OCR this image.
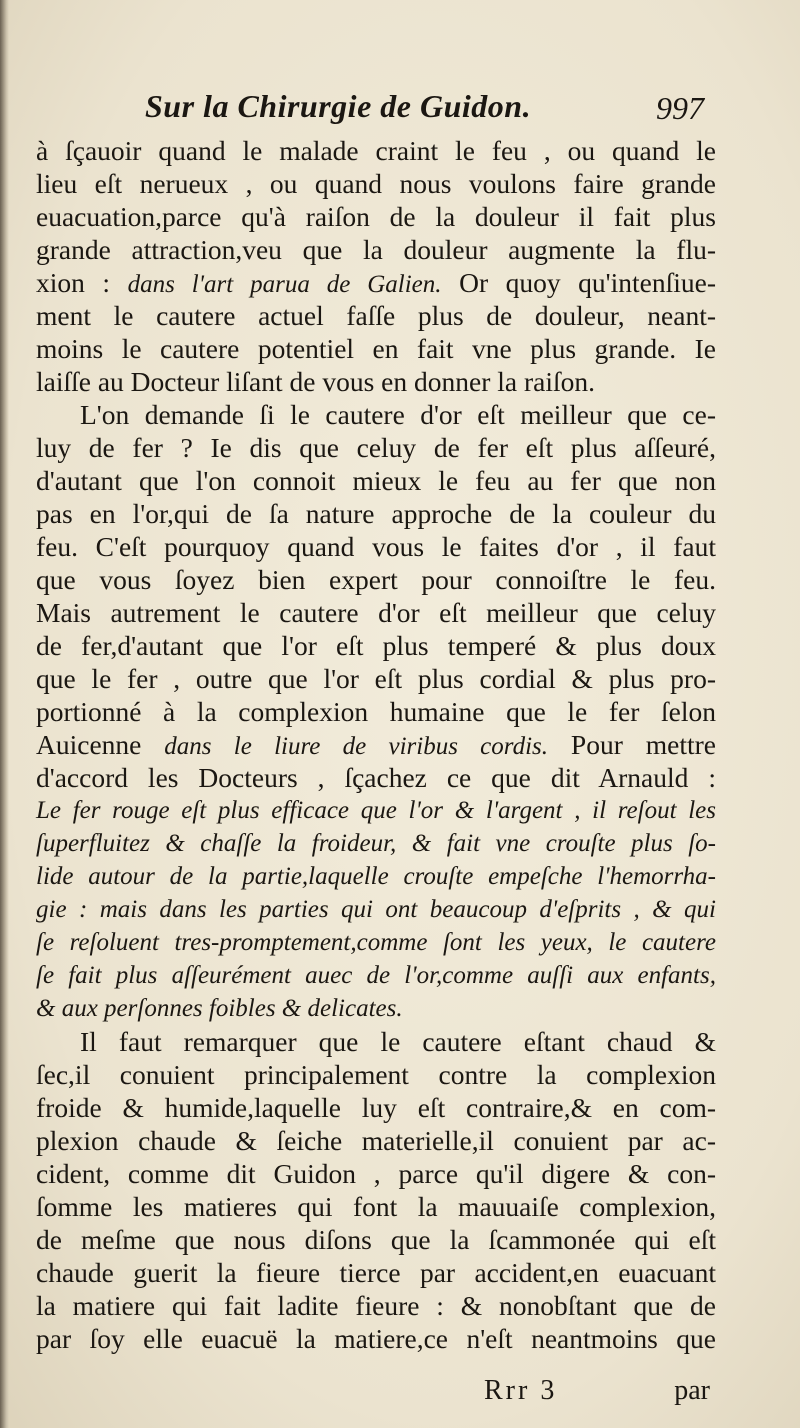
Sur la Chirurgie de Guidon.	997
à ſçauoir quand le malade craint le feu , ou quand le
lieu eſt nerueux , ou quand nous voulons faire grande
euacuation,parce qu'à raiſon de la douleur il fait plus
grande attraction,veu que la douleur augmente la flu-
xion : dans l'art parua de Galien. Or quoy qu'intenſiue-
ment le cautere actuel faſſe plus de douleur, neant-
moins le cautere potentiel en fait vne plus grande. Ie
laiſſe au Docteur liſant de vous en donner la raiſon.
L'on demande ſi le cautere d'or eſt meilleur que ce-
luy de fer ? Ie dis que celuy de fer eſt plus aſſeuré,
d'autant que l'on connoit mieux le feu au fer que non
pas en l'or,qui de ſa nature approche de la couleur du
feu. C'eſt pourquoy quand vous le faites d'or , il faut
que vous ſoyez bien expert pour connoiſtre le feu.
Mais autrement le cautere d'or eſt meilleur que celuy
de fer,d'autant que l'or eſt plus temperé & plus doux
que le fer , outre que l'or eſt plus cordial & plus pro-
portionné à la complexion humaine que le fer ſelon
Auicenne dans le liure de viribus cordis. Pour mettre
d'accord les Docteurs , ſçachez ce que dit Arnauld :
Le fer rouge eſt plus efficace que l'or & l'argent , il reſout les
ſuperfluitez & chaſſe la froideur, & fait vne crouſte plus ſo-
lide autour de la partie,laquelle crouſte empeſche l'hemorrha-
gie : mais dans les parties qui ont beaucoup d'eſprits , & qui
ſe reſoluent tres-promptement,comme ſont les yeux, le cautere
ſe fait plus aſſeurément auec de l'or,comme auſſi aux enfants,
& aux perſonnes foibles & delicates.
Il faut remarquer que le cautere eſtant chaud &
ſec,il conuient principalement contre la complexion
froide & humide,laquelle luy eſt contraire,& en com-
plexion chaude & ſeiche materielle,il conuient par ac-
cident, comme dit Guidon , parce qu'il digere & con-
ſomme les matieres qui font la mauuaiſe complexion,
de meſme que nous diſons que la ſcammonée qui eſt
chaude guerit la fieure tierce par accident,en euacuant
la matiere qui fait ladite fieure : & nonobſtant que de
par ſoy elle euacuë la matiere,ce n'eſt neantmoins que
Rrr 3	par
